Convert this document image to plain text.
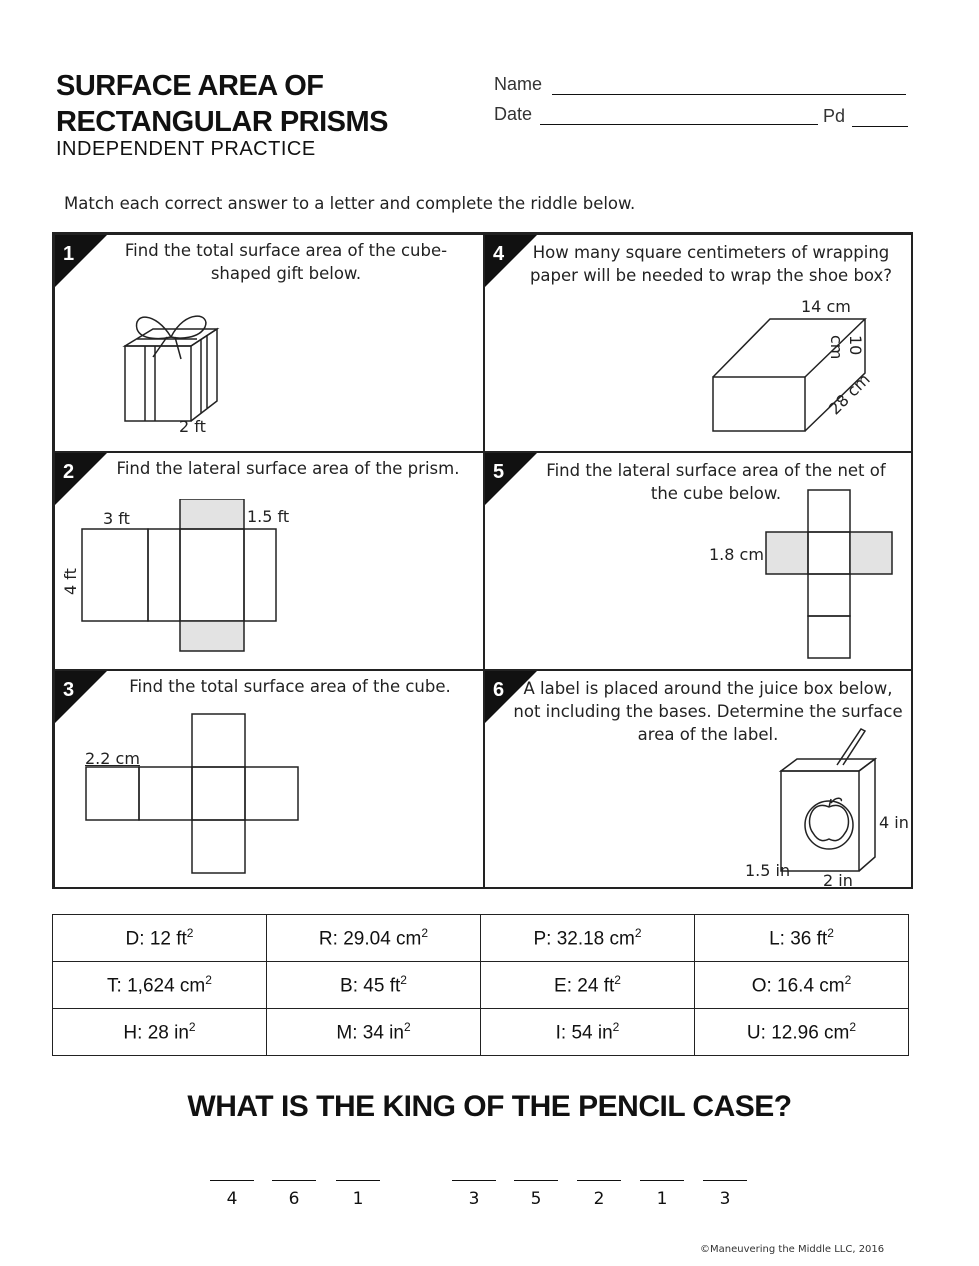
SURFACE AREA OF
RECTANGULAR PRISMS
INDEPENDENT PRACTICE
Name
Date	Pd
Match each correct answer to a letter and complete the riddle below.
1	Find the total surface area of the cube-shaped gift below.
2 ft
4	How many square centimeters of wrapping paper will be needed to wrap the shoe box?
14 cm
10 cm
28 cm
2	Find the lateral surface area of the prism.
3 ft	1.5 ft
4 ft
5	Find the lateral surface area of the net of the cube below.
1.8 cm
3	Find the total surface area of the cube.
2.2 cm
6	A label is placed around the juice box below, not including the bases. Determine the surface area of the label.
4 in
1.5 in
2 in
D: 12 $ft^2$	R: 29.04 $cm^2$	P: 32.18 $cm^2$	L: 36 $ft^2$
T: 1,624 $cm^2$	B: 45 $ft^2$	E: 24 $ft^2$	O: 16.4 $cm^2$
H: 28 $in^2$	M: 34 $in^2$	I: 54 $in^2$	U: 12.96 $cm^2$
WHAT IS THE KING OF THE PENCIL CASE?
4	6	1	3	5	2	1	3
©Maneuvering the Middle LLC, 2016
